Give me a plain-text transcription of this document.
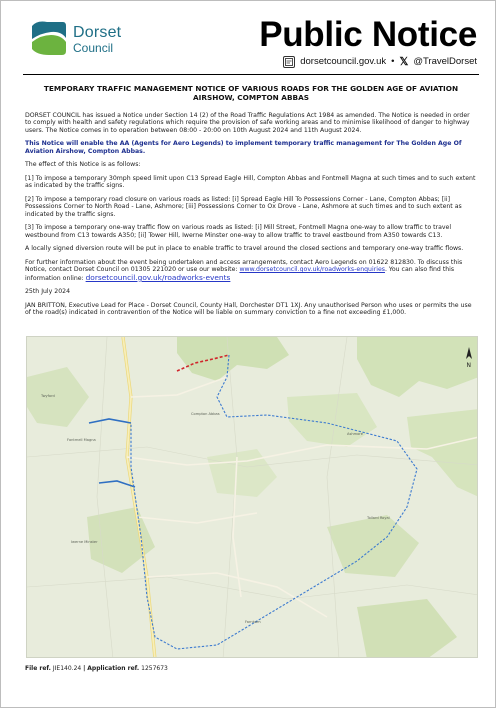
Dorset
Council	Public Notice
dorsetcouncil.gov.uk • 𝕏 @TravelDorset
TEMPORARY TRAFFIC MANAGEMENT NOTICE OF VARIOUS ROADS FOR THE GOLDEN AGE OF AVIATION AIRSHOW, COMPTON ABBAS

DORSET COUNCIL has issued a Notice under Section 14 (2) of the Road Traffic Regulations Act 1984 as amended. The Notice is needed in order to comply with health and safety regulations which require the provision of safe working areas and to minimise likelihood of danger to highway users. The Notice comes in to operation between 08:00 - 20:00 on 10th August 2024 and 11th August 2024.

This Notice will enable the AA (Agents for Aero Legends) to implement temporary traffic management for The Golden Age Of Aviation Airshow, Compton Abbas.

The effect of this Notice is as follows:

[1] To impose a temporary 30mph speed limit upon C13 Spread Eagle Hill, Compton Abbas and Fontmell Magna at such times and to such extent as indicated by the traffic signs.

[2] To impose a temporary road closure on various roads as listed: [i] Spread Eagle Hill To Possessions Corner - Lane, Compton Abbas; [ii] Possessions Corner to North Road - Lane, Ashmore; [iii] Possessions Corner to Ox Drove - Lane, Ashmore at such times and to such extent as indicated by the traffic signs.

[3] To impose a temporary one-way traffic flow on various roads as listed: [i] Mill Street, Fontmell Magna one-way to allow traffic to travel westbound from C13 towards A350; [ii] Tower Hill, Iwerne Minster one-way to allow traffic to travel eastbound from A350 towards C13.

A locally signed diversion route will be put in place to enable traffic to travel around the closed sections and temporary one-way traffic flows.

For further information about the event being undertaken and access arrangements, contact Aero Legends on 01622 812830. To discuss this Notice, contact Dorset Council on 01305 221020 or use our website: www.dorsetcouncil.gov.uk/roadworks-enquiries. You can also find this information online: dorsetcouncil.gov.uk/roadworks-events

25th July 2024

JAN BRITTON, Executive Lead for Place - Dorset Council, County Hall, Dorchester DT1 1XJ. Any unauthorised Person who uses or permits the use of the road(s) indicated in contravention of the Notice will be liable on summary conviction to a fine not exceeding £1,000.

Twyford
Fontmell Magna
Compton Abbas
Ashmore
Iwerne Minster
Tollard Royal
Farnham
N
File ref. JIE140.24 | Application ref. 1257673
